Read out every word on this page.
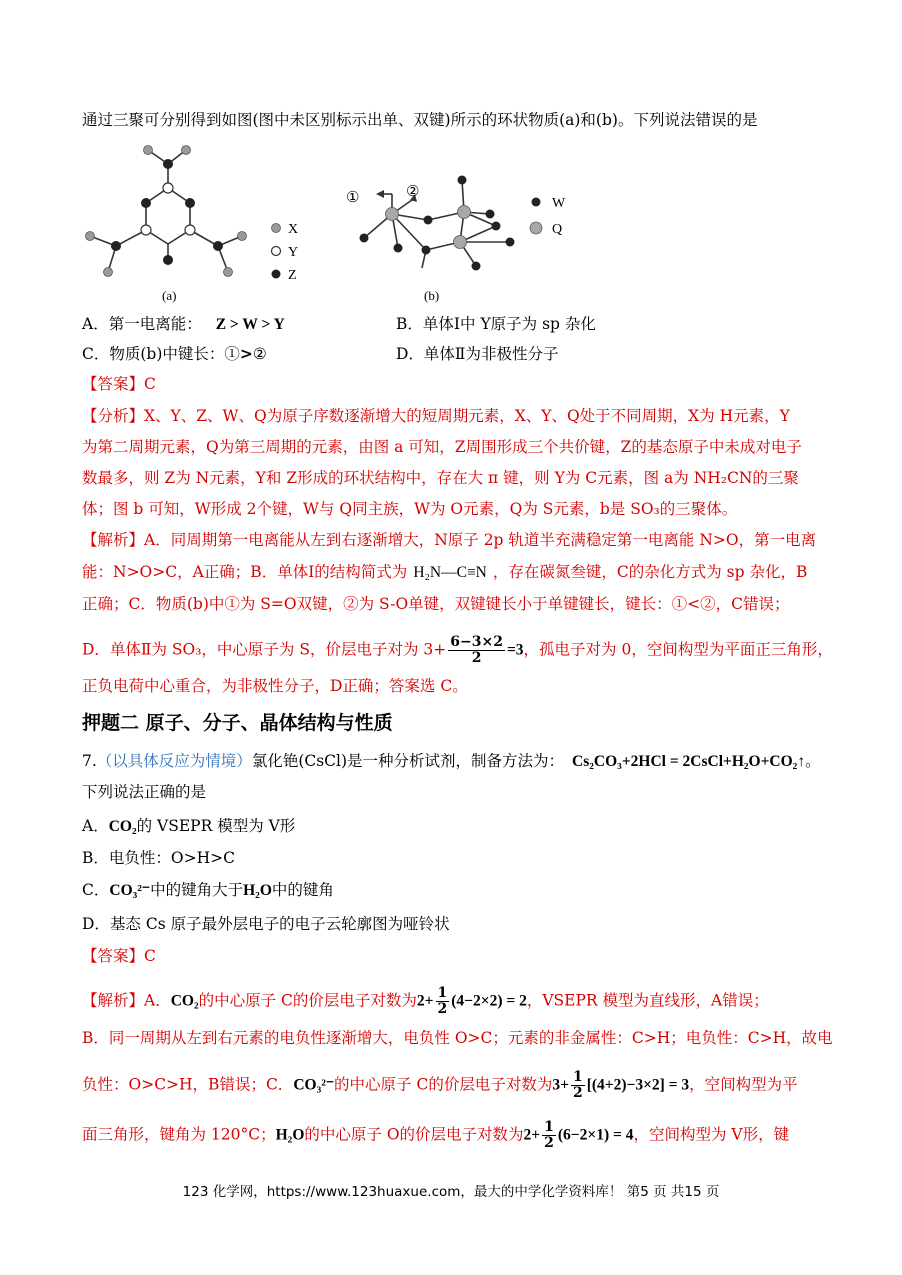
通过三聚可分别得到如图(图中未区别标示出单、双键)所示的环状物质(a)和(b)。下列说法错误的是
X
Y
Z
(a)
①	②
W
Q
(b)
A．第一电离能： Z > W > Y	B．单体Ⅰ中 Y原子为 sp 杂化
C．物质(b)中键长：①>②	D．单体Ⅱ为非极性分子
【答案】C
【分析】X、Y、Z、W、Q为原子序数逐渐增大的短周期元素，X、Y、Q处于不同周期，X为 H元素，Y
为第二周期元素，Q为第三周期的元素，由图 a 可知，Z周围形成三个共价键，Z的基态原子中未成对电子
数最多，则 Z为 N元素，Y和 Z形成的环状结构中，存在大 π 键，则 Y为 C元素，图 a为 NH₂CN的三聚
体；图 b 可知，W形成 2个键，W与 Q同主族，W为 O元素，Q为 S元素，b是 SO₃的三聚体。
【解析】A．同周期第一电离能从左到右逐渐增大，N原子 2p 轨道半充满稳定第一电离能 N>O，第一电离
能：N>O>C，A正确；B．单体Ⅰ的结构简式为 H₂N—C≡N ，存在碳氮叁键，C的杂化方式为 sp 杂化，B
正确；C．物质(b)中①为 S=O双键，②为 S-O单键，双键键长小于单键键长，键长：①<②，C错误；
D．单体Ⅱ为 SO₃，中心原子为 S，价层电子对为 $3+ \frac{6-3\times 2}{2} =3$，孤电子对为 0，空间构型为平面正三角形，
正负电荷中心重合，为非极性分子，D正确；答案选 C。
押题二 原子、分子、晶体结构与性质
7.（以具体反应为情境）氯化铯(CsCl)是一种分析试剂，制备方法为： Cs₂CO₃+2HCl = 2CsCl+H₂O+CO₂↑。
下列说法正确的是
A．CO₂的 VSEPR 模型为 V形
B．电负性：O>H>C
C．CO₃²⁻中的键角大于H₂O中的键角
D．基态 Cs 原子最外层电子的电子云轮廓图为哑铃状
【答案】C
【解析】A．CO₂的中心原子 C的价层电子对数为$2+ \frac{1}{2} (4-2\times 2) = 2$，VSEPR 模型为直线形，A错误；
B．同一周期从左到右元素的电负性逐渐增大，电负性 O>C；元素的非金属性：C>H；电负性：C>H，故电
负性：O>C>H，B错误；C．CO₃²⁻的中心原子 C的价层电子对数为$3+ \frac{1}{2} [(4+2)-3\times 2] = 3$，空间构型为平
面三角形，键角为 120°C；H₂O的中心原子 O的价层电子对数为$2+ \frac{1}{2} (6-2\times 1) = 4$，空间构型为 V形，键
123 化学网，https://www.123huaxue.com，最大的中学化学资料库！ 第5 页 共15 页
